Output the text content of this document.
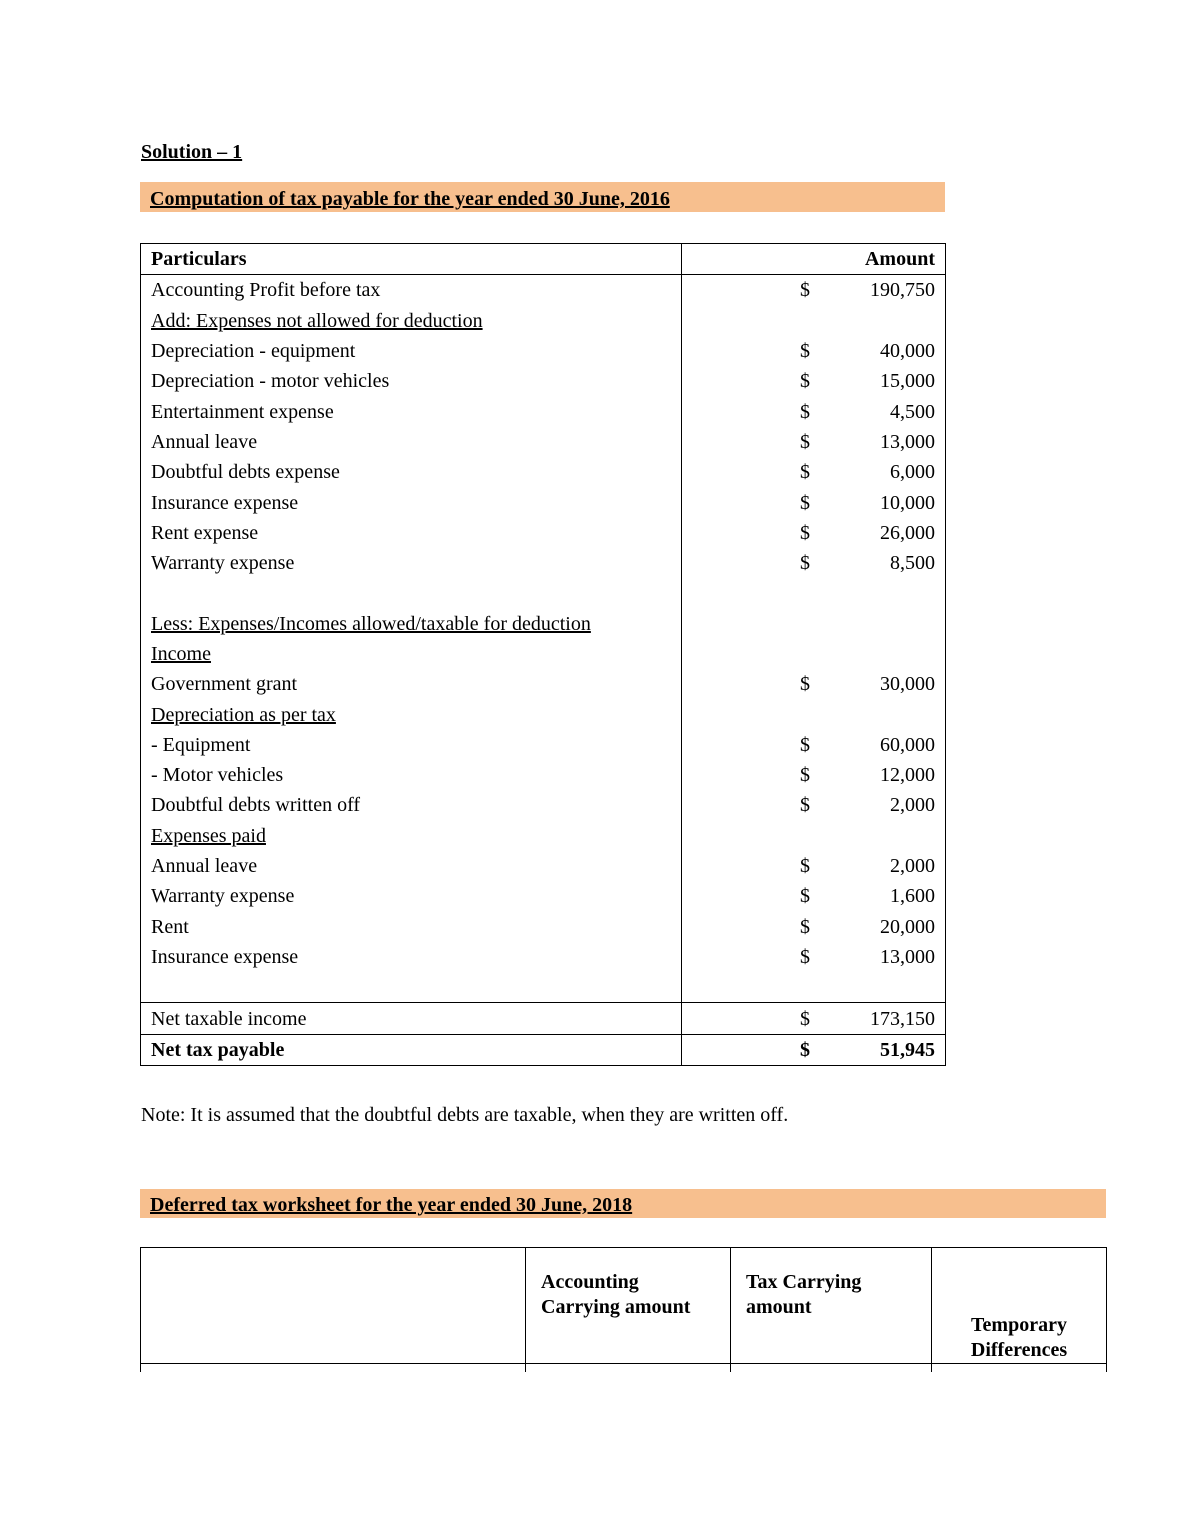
Solution – 1
Computation of tax payable for the year ended 30 June, 2016
Particulars	Amount
Accounting Profit before tax	$ 190,750

Add: Expenses not allowed for deduction	
Depreciation - equipment	$ 40,000

Depreciation - motor vehicles	$ 15,000

Entertainment expense	$ 4,500

Annual leave	$ 13,000

Doubtful debts expense	$ 6,000

Insurance expense	$ 10,000

Rent expense	$ 26,000

Warranty expense	$ 8,500

Less: Expenses/Incomes allowed/taxable for deduction	
Income	
Government grant	$ 30,000

Depreciation as per tax	
- Equipment	$ 60,000

- Motor vehicles	$ 12,000

Doubtful debts written off	$ 2,000

Expenses paid	
Annual leave	$ 2,000

Warranty expense	$ 1,600

Rent	$ 20,000

Insurance expense	$ 13,000

Net taxable income	$ 173,150

Net tax payable	$ 51,945
Note: It is assumed that the doubtful debts are taxable, when they are written off.
Deferred tax worksheet for the year ended 30 June, 2018

	Accounting Carrying amount	Tax Carrying amount	Temporary Differences
